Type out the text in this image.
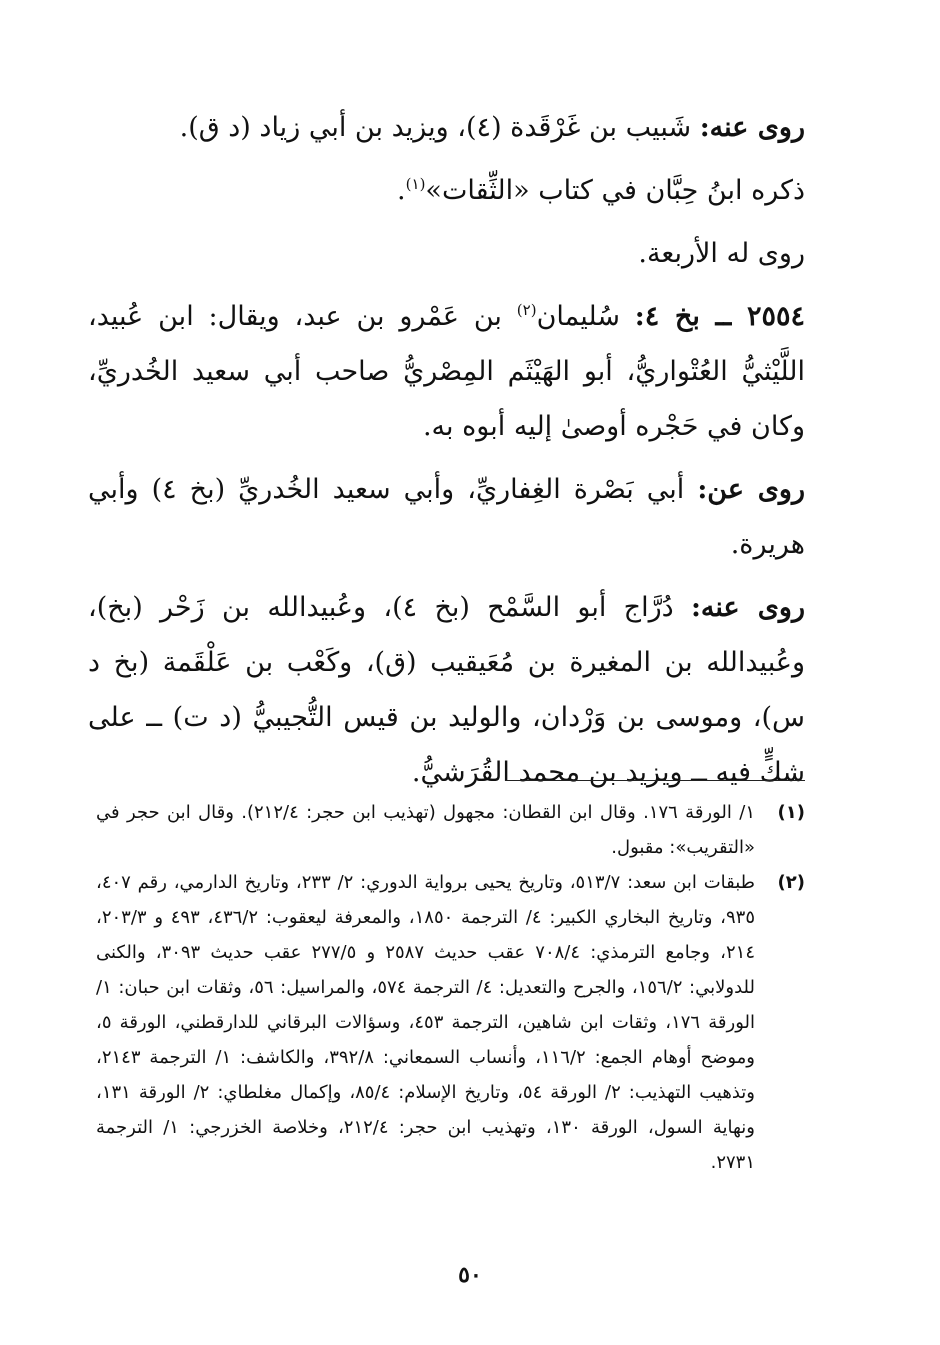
روى عنه: شَبيب بن غَرْقَدة (٤)، ويزيد بن أبي زياد (د ق).

ذكره ابنُ حِبَّان في كتاب «الثِّقات»$^{(١)}$.

روى له الأربعة.

٢٥٥٤ ــ بخ ٤: سُليمان$^{(٢)}$ بن عَمْرو بن عبد، ويقال: ابن عُبيد، اللَّيْثيُّ العُتْواريُّ، أبو الهَيْثَم المِصْريُّ صاحب أبي سعيد الخُدريِّ، وكان في حَجْره أوصىٰ إليه أبوه به.

روى عن: أبي بَصْرة الغِفاريِّ، وأبي سعيد الخُدريِّ (بخ ٤) وأبي هريرة.

روى عنه: دُرَّاج أبو السَّمْح (بخ ٤)، وعُبيدالله بن زَحْر (بخ)، وعُبيدالله بن المغيرة بن مُعَيقيب (ق)، وكَعْب بن عَلْقَمة (بخ د س)، وموسى بن وَرْدان، والوليد بن قيس التُّجيبيُّ (د ت) ــ على شكٍّ فيه ــ ويزيد بن محمد القُرَشيُّ.

(١)
١/ الورقة ١٧٦. وقال ابن القطان: مجهول (تهذيب ابن حجر: ٢١٢/٤). وقال ابن حجر في «التقريب»: مقبول.

(٢)
طبقات ابن سعد: ٥١٣/٧، وتاريخ يحيى برواية الدوري: ٢/ ٢٣٣، وتاريخ الدارمي، رقم ٤٠٧، ٩٣٥، وتاريخ البخاري الكبير: ٤/ الترجمة ١٨٥٠، والمعرفة ليعقوب: ٤٣٦/٢، ٤٩٣ و ٢٠٣/٣، ٢١٤، وجامع الترمذي: ٧٠٨/٤ عقب حديث ٢٥٨٧ و ٢٧٧/٥ عقب حديث ٣٠٩٣، والكنى للدولابي: ١٥٦/٢، والجرح والتعديل: ٤/ الترجمة ٥٧٤، والمراسيل: ٥٦، وثقات ابن حبان: ١/الورقة ١٧٦، وثقات ابن شاهين، الترجمة ٤٥٣، وسؤالات البرقاني للدارقطني، الورقة ٥، وموضح أوهام الجمع: ١١٦/٢، وأنساب السمعاني: ٣٩٢/٨، والكاشف: ١/ الترجمة ٢١٤٣، وتذهيب التهذيب: ٢/ الورقة ٥٤، وتاريخ الإسلام: ٨٥/٤، وإكمال مغلطاي: ٢/ الورقة ١٣١، ونهاية السول، الورقة ١٣٠، وتهذيب ابن حجر: ٢١٢/٤، وخلاصة الخزرجي: ١/ الترجمة ٢٧٣١.

٥٠
